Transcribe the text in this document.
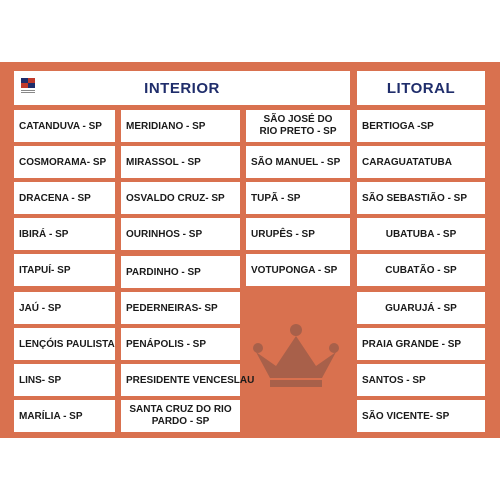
INTERIOR	LITORAL
CATANDUVA - SP
COSMORAMA- SP
DRACENA - SP
IBIRÁ - SP
ITAPUÍ- SP
JAÚ - SP
LENÇÓIS PAULISTA
LINS- SP
MARÍLIA - SP
MERIDIANO - SP
MIRASSOL - SP
OSVALDO CRUZ- SP
OURINHOS - SP
PARDINHO - SP
PEDERNEIRAS- SP
PENÁPOLIS - SP
PRESIDENTE VENCESLAU
SANTA CRUZ DO RIO PARDO - SP
SÃO JOSÉ DO RIO PRETO - SP
SÃO MANUEL - SP
TUPÃ - SP
URUPÊS - SP
VOTUPONGA - SP
BERTIOGA -SP
CARAGUATATUBA
SÃO SEBASTIÃO - SP
UBATUBA - SP
CUBATÃO - SP
GUARUJÁ - SP
PRAIA GRANDE - SP
SANTOS - SP
SÃO VICENTE- SP
